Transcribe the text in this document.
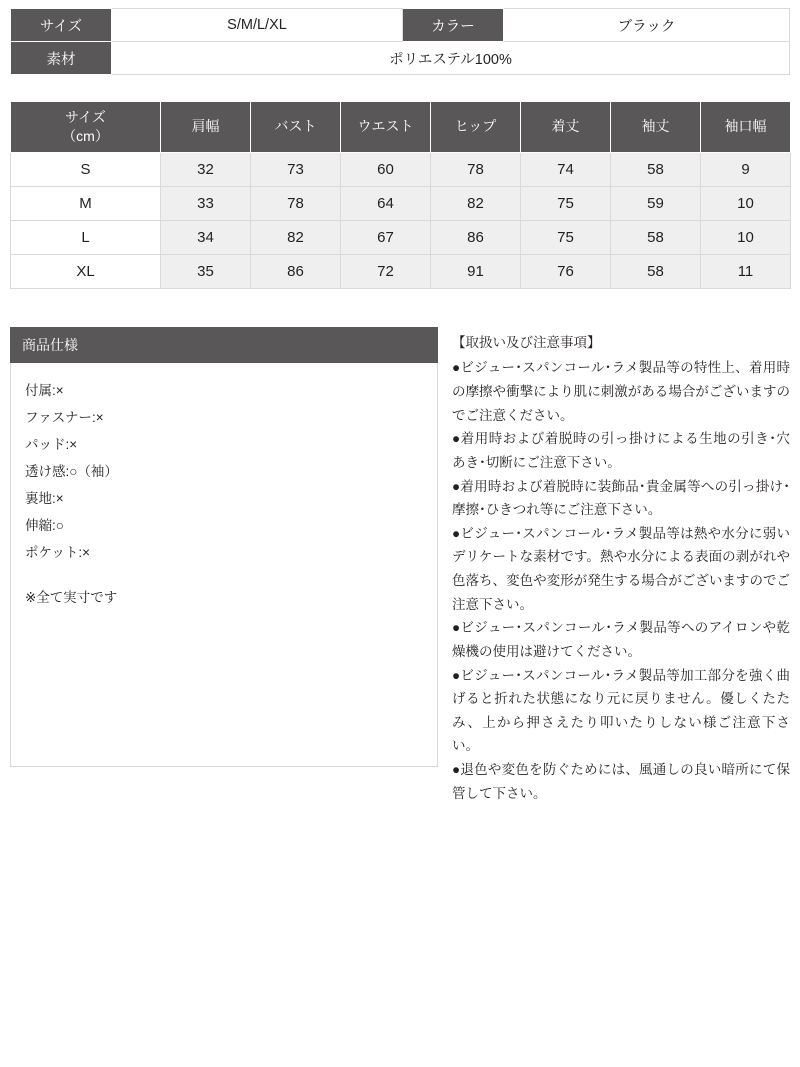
サイズ	S/M/L/XL	カラー	ブラック
素材	ポリエステル100%		
サイズ
（cm）	肩幅	バスト	ウエスト	ヒップ	着丈	袖丈	袖口幅
S	32	73	60	78	74	58	9
M	33	78	64	82	75	59	10
L	34	82	67	86	75	58	10
XL	35	86	72	91	76	58	11
商品仕様
付属:×
ファスナー:×
パッド:×
透け感:○（袖）
裏地:×
伸縮:○
ポケット:×
※全て実寸です
【取扱い及び注意事項】
●ビジュー･スパンコール･ラメ製品等の特性上、着用時の摩擦や衝撃により肌に刺激がある場合がございますのでご注意ください。
●着用時および着脱時の引っ掛けによる生地の引き･穴あき･切断にご注意下さい。
●着用時および着脱時に装飾品･貴金属等への引っ掛け･摩擦･ひきつれ等にご注意下さい。
●ビジュー･スパンコール･ラメ製品等は熱や水分に弱いデリケートな素材です。熱や水分による表面の剥がれや色落ち、変色や変形が発生する場合がございますのでご注意下さい。
●ビジュー･スパンコール･ラメ製品等へのアイロンや乾燥機の使用は避けてください。
●ビジュー･スパンコール･ラメ製品等加工部分を強く曲げると折れた状態になり元に戻りません。優しくたたみ、上から押さえたり叩いたりしない様ご注意下さい。
●退色や変色を防ぐためには、風通しの良い暗所にて保管して下さい。
